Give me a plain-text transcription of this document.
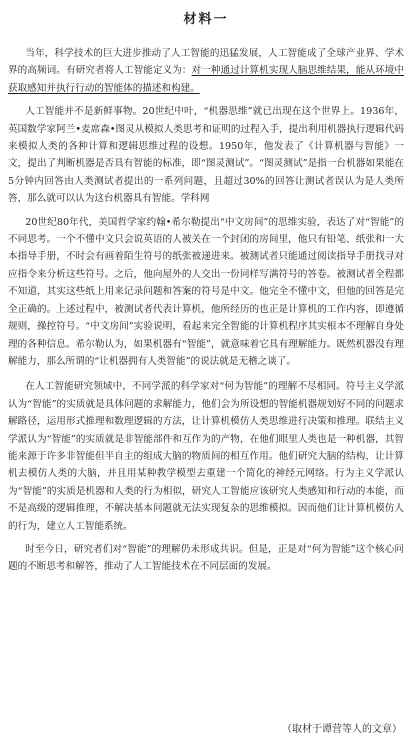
材料一

当年，科学技术的巨大进步推动了人工智能的迅猛发展，人工智能成了全球产业界、学术界的高频词。有研究者将人工智能定义为：对一种通过计算机实现人脑思维结果，能从环境中获取感知并执行行动的智能体的描述和构建。

人工智能并不是新鲜事物。20世纪中叶，“机器思维”就已出现在这个世界上。1936年，英国数学家阿兰•麦席森•图灵从模拟人类思考和证明的过程入手，提出利用机器执行逻辑代码来模拟人类的各种计算和逻辑思维过程的设想。1950年，他发表了《计算机器与智能》一文，提出了判断机器是否具有智能的标准，即“图灵测试”。“图灵测试”是指一台机器如果能在5分钟内回答由人类测试者提出的一系列问题，且超过30%的回答让测试者误认为是人类所答，那么就可以认为这台机器具有智能。学科网

20世纪80年代，美国哲学家约翰•希尔勒提出“中文房间”的思维实验，表达了对“智能”的不同思考。一个不懂中文只会说英语的人被关在一个封闭的房间里，他只有铅笔、纸张和一大本指导手册，不时会有画着陌生符号的纸张被递进来。被测试者只能通过阅读指导手册找寻对应指令来分析这些符号。之后，他向屋外的人交出一份同样写满符号的答卷。被测试者全程都不知道，其实这些纸上用来记录问题和答案的符号是中文。他完全不懂中文，但他的回答是完全正确的。上述过程中，被测试者代表计算机，他所经历的也正是计算机的工作内容，即遵循规则，操控符号。“中文房间”实验说明，看起来完全智能的计算机程序其实根本不理解自身处理的各种信息。希尔勒认为，如果机器有“智能”，就意味着它具有理解能力。既然机器没有理解能力，那么所谓的“让机器拥有人类智能”的说法就是无稽之谈了。

在人工智能研究领域中，不同学派的科学家对“何为智能”的理解不尽相同。符号主义学派认为“智能”的实质就是具体问题的求解能力，他们会为所设想的智能机器规划好不同的问题求解路径，运用形式推理和数理逻辑的方法，让计算机模仿人类思维进行决策和推理。联结主义学派认为“智能”的实质就是非智能部件和互作为的产物，在他们眼里人类也是一种机器，其智能来源于许多非智能但半自主的组成大脑的物质间的相互作用。他们研究大脑的结构，让计算机去模仿人类的大脑，并且用某种教学模型去重建一个简化的神经元网络。行为主义学派认为“智能”的实质是机器和人类的行为相似，研究人工智能应该研究人类感知和行动的本能，而不是高级的逻辑推理，不解决基本问题就无法实现复杂的思维模拟。因而他们让计算机模仿人的行为，建立人工智能系统。

时至今日，研究者们对“智能”的理解仍未形成共识。但是，正是对“何为智能”这个核心问题的不断思考和解答，推动了人工智能技术在不同层面的发展。

（取材于谭营等人的文章）
